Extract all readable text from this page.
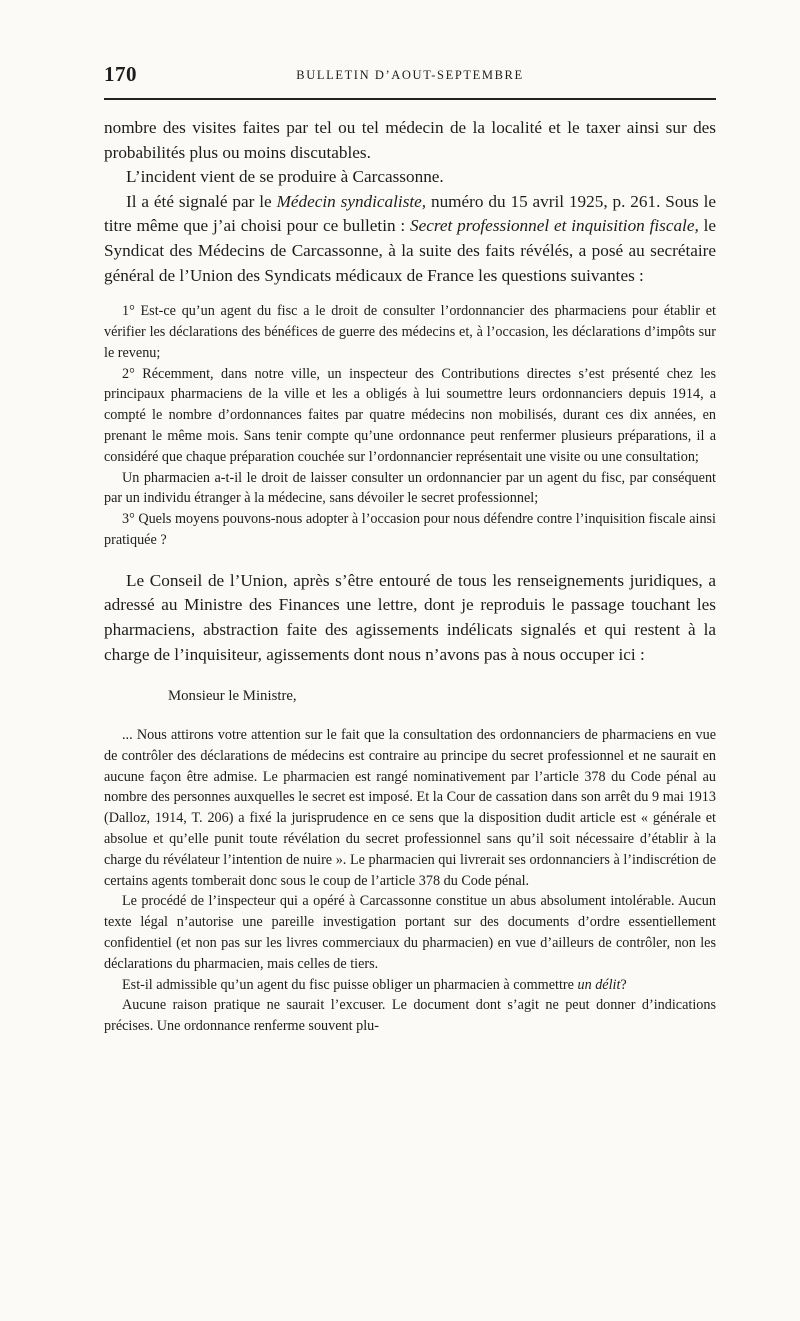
170	BULLETIN D’AOUT-SEPTEMBRE

nombre des visites faites par tel ou tel médecin de la localité et le taxer ainsi sur des probabilités plus ou moins discutables.

L’incident vient de se produire à Carcassonne.

Il a été signalé par le Médecin syndicaliste, numéro du 15 avril 1925, p. 261. Sous le titre même que j’ai choisi pour ce bulletin : Secret professionnel et inquisition fiscale, le Syndicat des Médecins de Carcassonne, à la suite des faits révélés, a posé au secrétaire général de l’Union des Syndicats médicaux de France les questions suivantes :

1° Est-ce qu’un agent du fisc a le droit de consulter l’ordonnancier des pharmaciens pour établir et vérifier les déclarations des bénéfices de guerre des médecins et, à l’occasion, les déclarations d’impôts sur le revenu;

2° Récemment, dans notre ville, un inspecteur des Contributions directes s’est présenté chez les principaux pharmaciens de la ville et les a obligés à lui soumettre leurs ordonnanciers depuis 1914, a compté le nombre d’ordonnances faites par quatre médecins non mobilisés, durant ces dix années, en prenant le même mois. Sans tenir compte qu’une ordonnance peut renfermer plusieurs préparations, il a considéré que chaque préparation couchée sur l’ordonnancier représentait une visite ou une consultation;

Un pharmacien a-t-il le droit de laisser consulter un ordonnancier par un agent du fisc, par conséquent par un individu étranger à la médecine, sans dévoiler le secret professionnel;

3° Quels moyens pouvons-nous adopter à l’occasion pour nous défendre contre l’inquisition fiscale ainsi pratiquée ?

Le Conseil de l’Union, après s’être entouré de tous les renseignements juridiques, a adressé au Ministre des Finances une lettre, dont je reproduis le passage touchant les pharmaciens, abstraction faite des agissements indélicats signalés et qui restent à la charge de l’inquisiteur, agissements dont nous n’avons pas à nous occuper ici :

Monsieur le Ministre,

... Nous attirons votre attention sur le fait que la consultation des ordonnanciers de pharmaciens en vue de contrôler des déclarations de médecins est contraire au principe du secret professionnel et ne saurait en aucune façon être admise. Le pharmacien est rangé nominativement par l’article 378 du Code pénal au nombre des personnes auxquelles le secret est imposé. Et la Cour de cassation dans son arrêt du 9 mai 1913 (Dalloz, 1914, T. 206) a fixé la jurisprudence en ce sens que la disposition dudit article est « générale et absolue et qu’elle punit toute révélation du secret professionnel sans qu’il soit nécessaire d’établir à la charge du révélateur l’intention de nuire ». Le pharmacien qui livrerait ses ordonnanciers à l’indiscrétion de certains agents tomberait donc sous le coup de l’article 378 du Code pénal.

Le procédé de l’inspecteur qui a opéré à Carcassonne constitue un abus absolument intolérable. Aucun texte légal n’autorise une pareille investigation portant sur des documents d’ordre essentiellement confidentiel (et non pas sur les livres commerciaux du pharmacien) en vue d’ailleurs de contrôler, non les déclarations du pharmacien, mais celles de tiers.

Est-il admissible qu’un agent du fisc puisse obliger un pharmacien à commettre un délit?

Aucune raison pratique ne saurait l’excuser. Le document dont s’agit ne peut donner d’indications précises. Une ordonnance renferme souvent plu-
